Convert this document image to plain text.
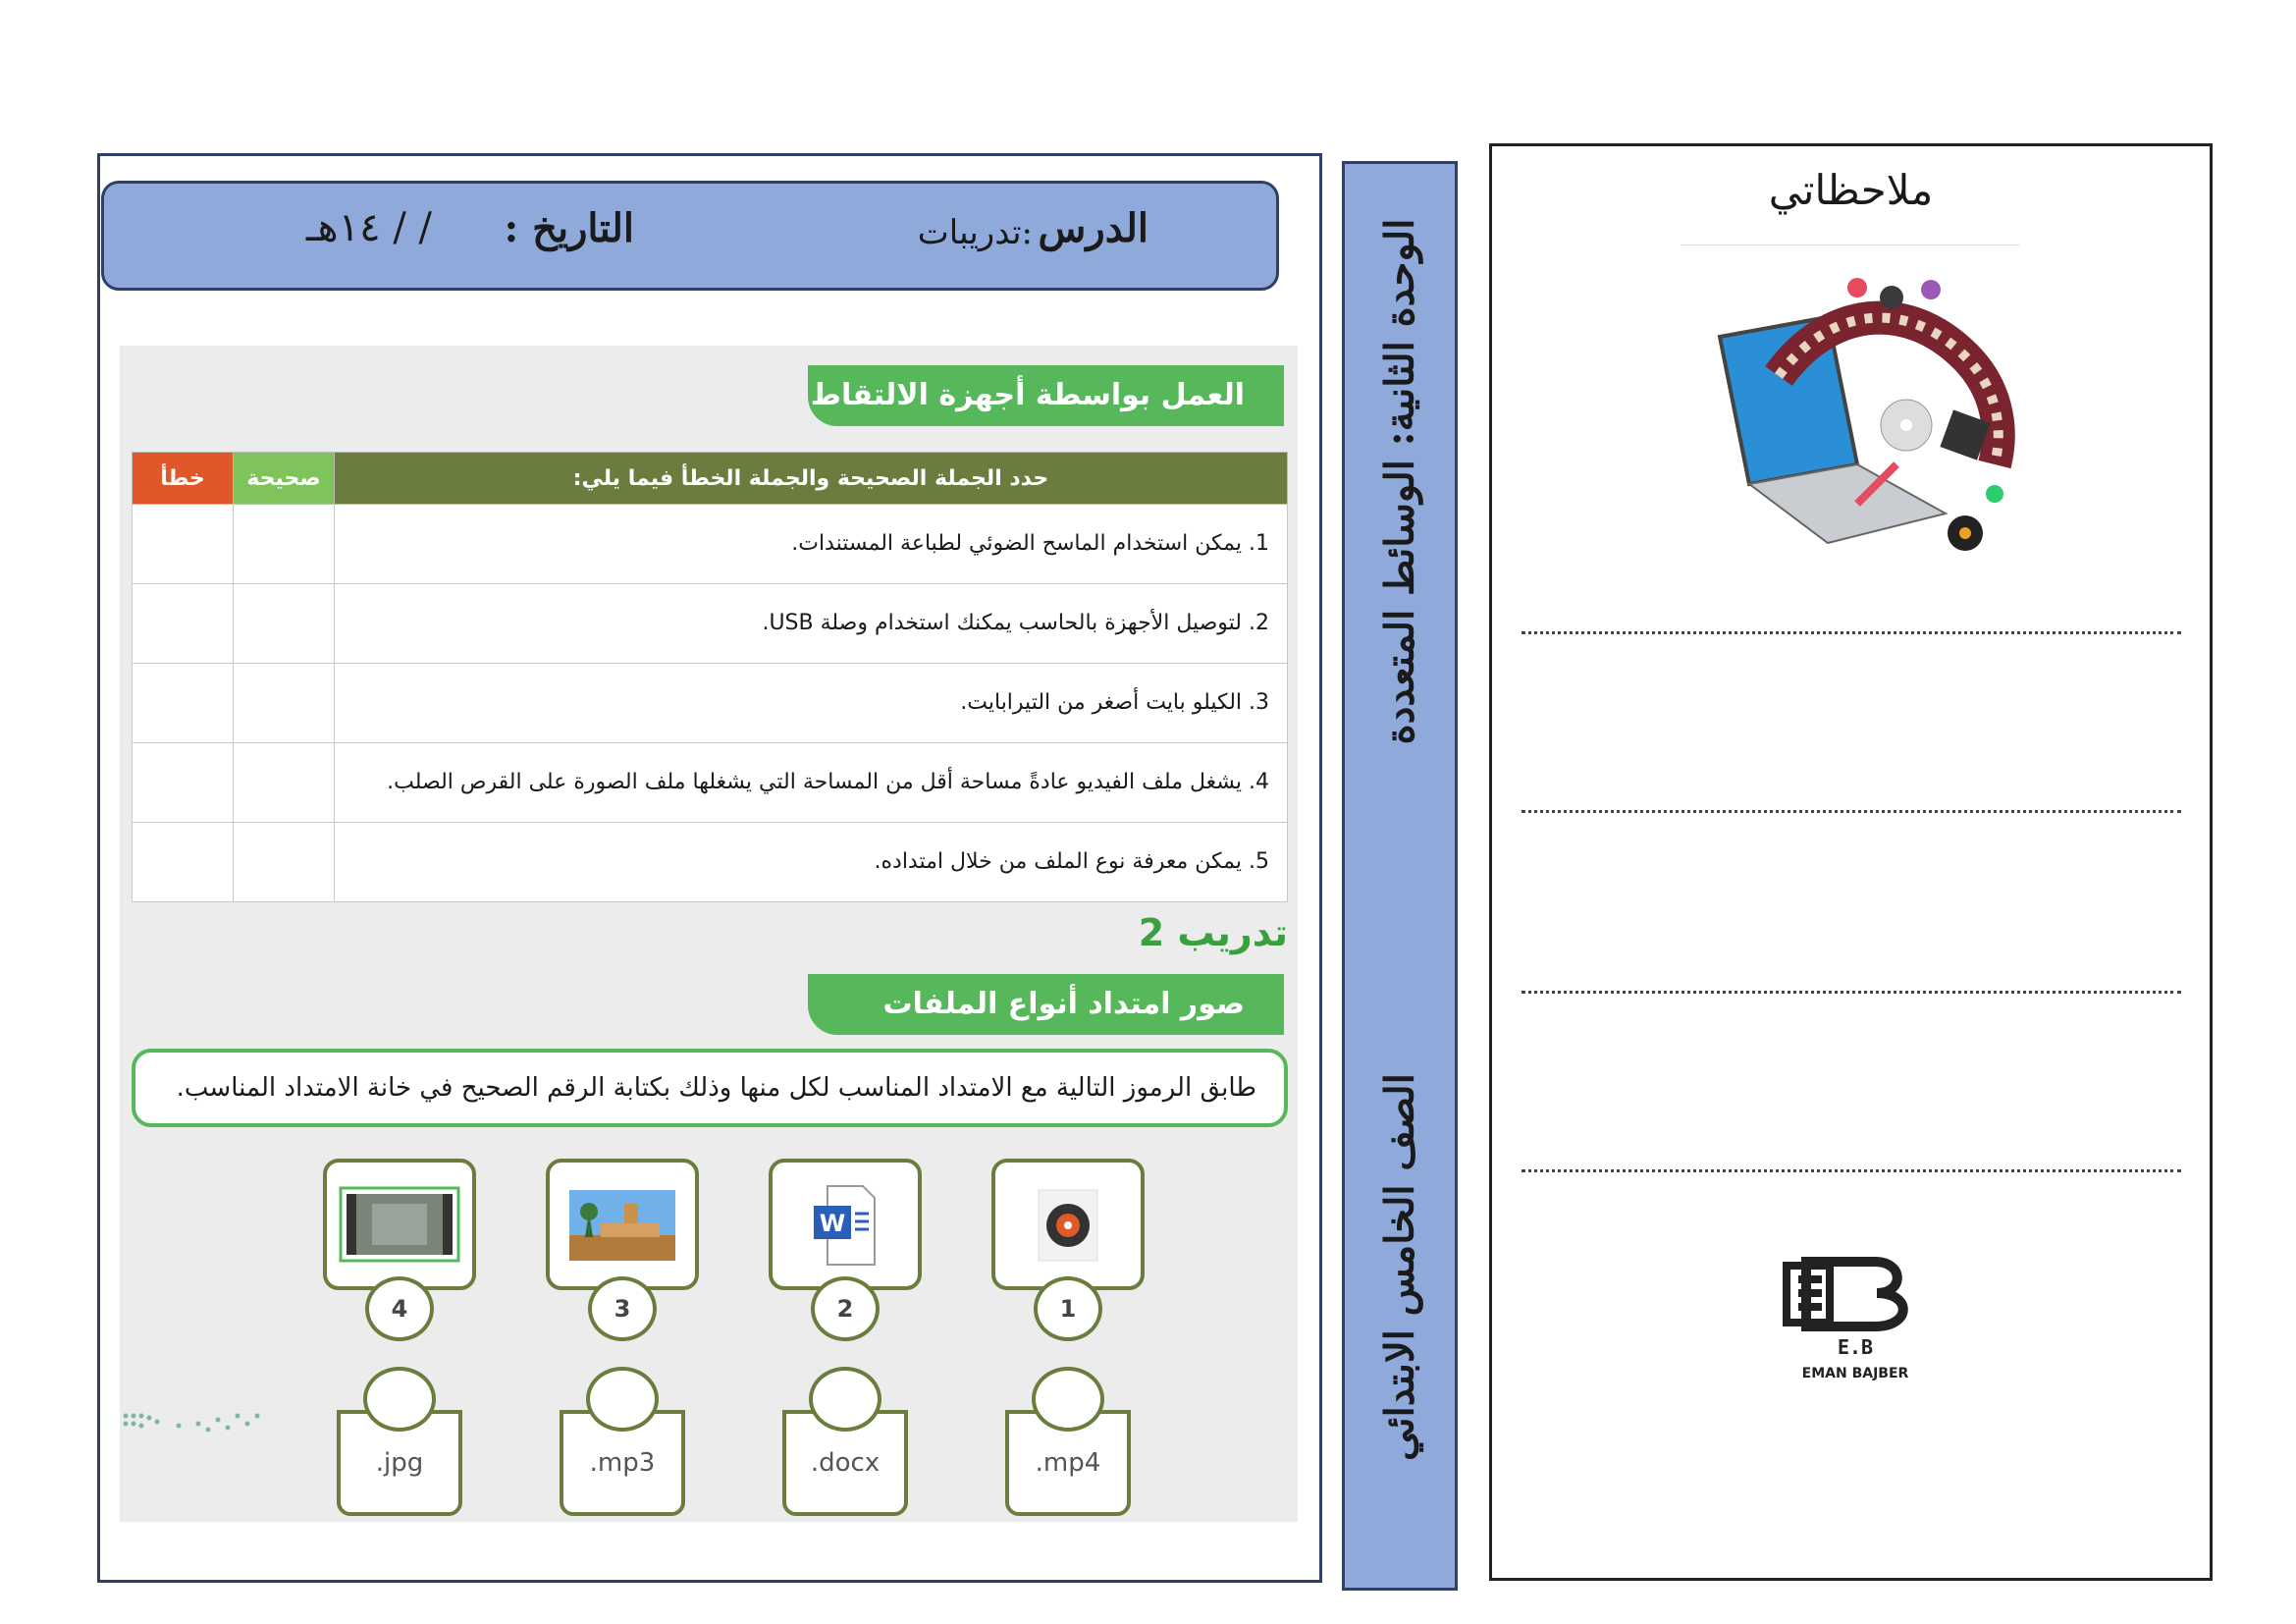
الدرس
:تدريبات
التاريخ :
/ / ١٤هـ
العمل بواسطة أجهزة الالتقاط
حدد الجملة الصحيحة والجملة الخطأ فيما يلي:	صحيحة	خطأ
1. يمكن استخدام الماسح الضوئي لطباعة المستندات.		
2. لتوصيل الأجهزة بالحاسب يمكنك استخدام وصلة USB.		
3. الكيلو بايت أصغر من التيرابايت.		
4. يشغل ملف الفيديو عادةً مساحة أقل من المساحة التي يشغلها ملف الصورة على القرص الصلب.		
5. يمكن معرفة نوع الملف من خلال امتداده.		
تدريب 2
صور امتداد أنواع الملفات
طابق الرموز التالية مع الامتداد المناسب لكل منها وذلك بكتابة الرقم الصحيح في خانة الامتداد المناسب.
W
1
2
3
4
.mp4
.docx
.mp3
.jpg
الوحدة الثانية: الوسائط المتعددة
الصف الخامس الابتدائي
ملاحظاتي
E.B
EMAN BAJBER
